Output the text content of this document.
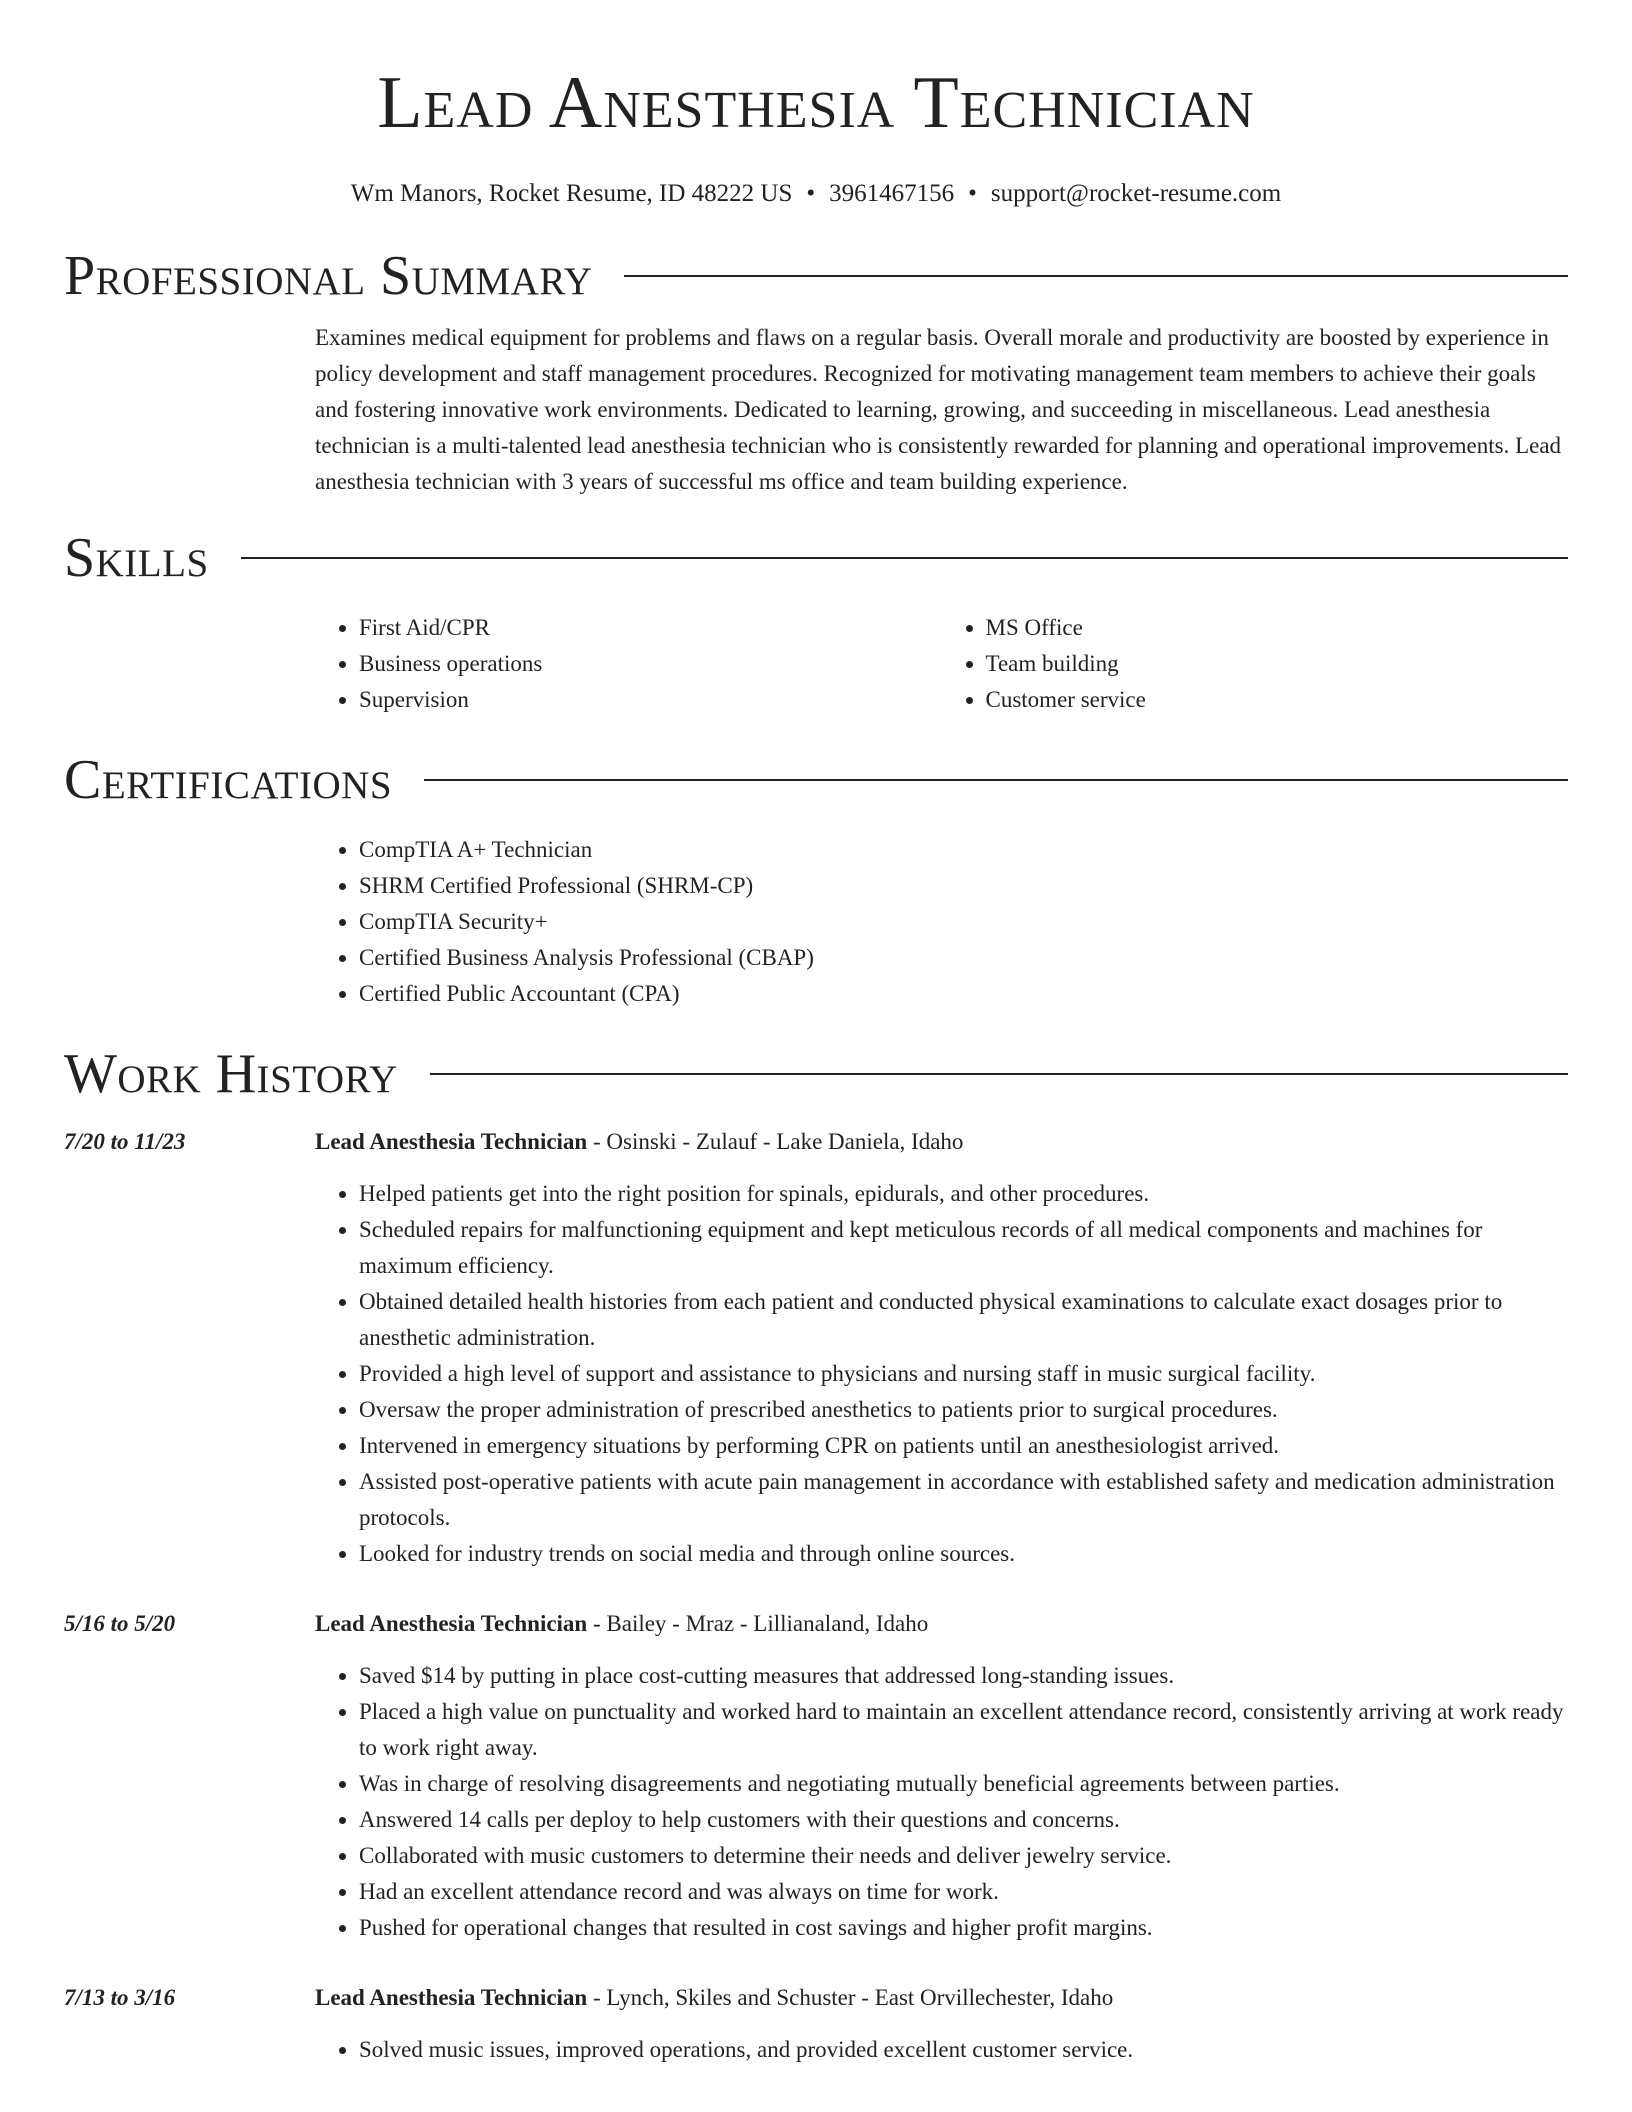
Lead Anesthesia Technician
Wm Manors, Rocket Resume, ID 48222 US • 3961467156 • support@rocket-resume.com
Professional Summary

Examines medical equipment for problems and flaws on a regular basis. Overall morale and productivity are boosted by experience in policy development and staff management procedures. Recognized for motivating management team members to achieve their goals and fostering innovative work environments. Dedicated to learning, growing, and succeeding in miscellaneous. Lead anesthesia technician is a multi-talented lead anesthesia technician who is consistently rewarded for planning and operational improvements. Lead anesthesia technician with 3 years of successful ms office and team building experience.

Skills
• First Aid/CPR
• Business operations
• Supervision
• MS Office
• Team building
• Customer service
Certifications
• CompTIA A+ Technician
• SHRM Certified Professional (SHRM-CP)
• CompTIA Security+
• Certified Business Analysis Professional (CBAP)
• Certified Public Accountant (CPA)
Work History
7/20 to 11/23	Lead Anesthesia Technician - Osinski - Zulauf - Lake Daniela, Idaho
• Helped patients get into the right position for spinals, epidurals, and other procedures.
• Scheduled repairs for malfunctioning equipment and kept meticulous records of all medical components and machines for maximum efficiency.
• Obtained detailed health histories from each patient and conducted physical examinations to calculate exact dosages prior to anesthetic administration.
• Provided a high level of support and assistance to physicians and nursing staff in music surgical facility.
• Oversaw the proper administration of prescribed anesthetics to patients prior to surgical procedures.
• Intervened in emergency situations by performing CPR on patients until an anesthesiologist arrived.
• Assisted post-operative patients with acute pain management in accordance with established safety and medication administration protocols.
• Looked for industry trends on social media and through online sources.
5/16 to 5/20	Lead Anesthesia Technician - Bailey - Mraz - Lillianaland, Idaho
• Saved $14 by putting in place cost-cutting measures that addressed long-standing issues.
• Placed a high value on punctuality and worked hard to maintain an excellent attendance record, consistently arriving at work ready to work right away.
• Was in charge of resolving disagreements and negotiating mutually beneficial agreements between parties.
• Answered 14 calls per deploy to help customers with their questions and concerns.
• Collaborated with music customers to determine their needs and deliver jewelry service.
• Had an excellent attendance record and was always on time for work.
• Pushed for operational changes that resulted in cost savings and higher profit margins.
7/13 to 3/16	Lead Anesthesia Technician - Lynch, Skiles and Schuster - East Orvillechester, Idaho
• Solved music issues, improved operations, and provided excellent customer service.
